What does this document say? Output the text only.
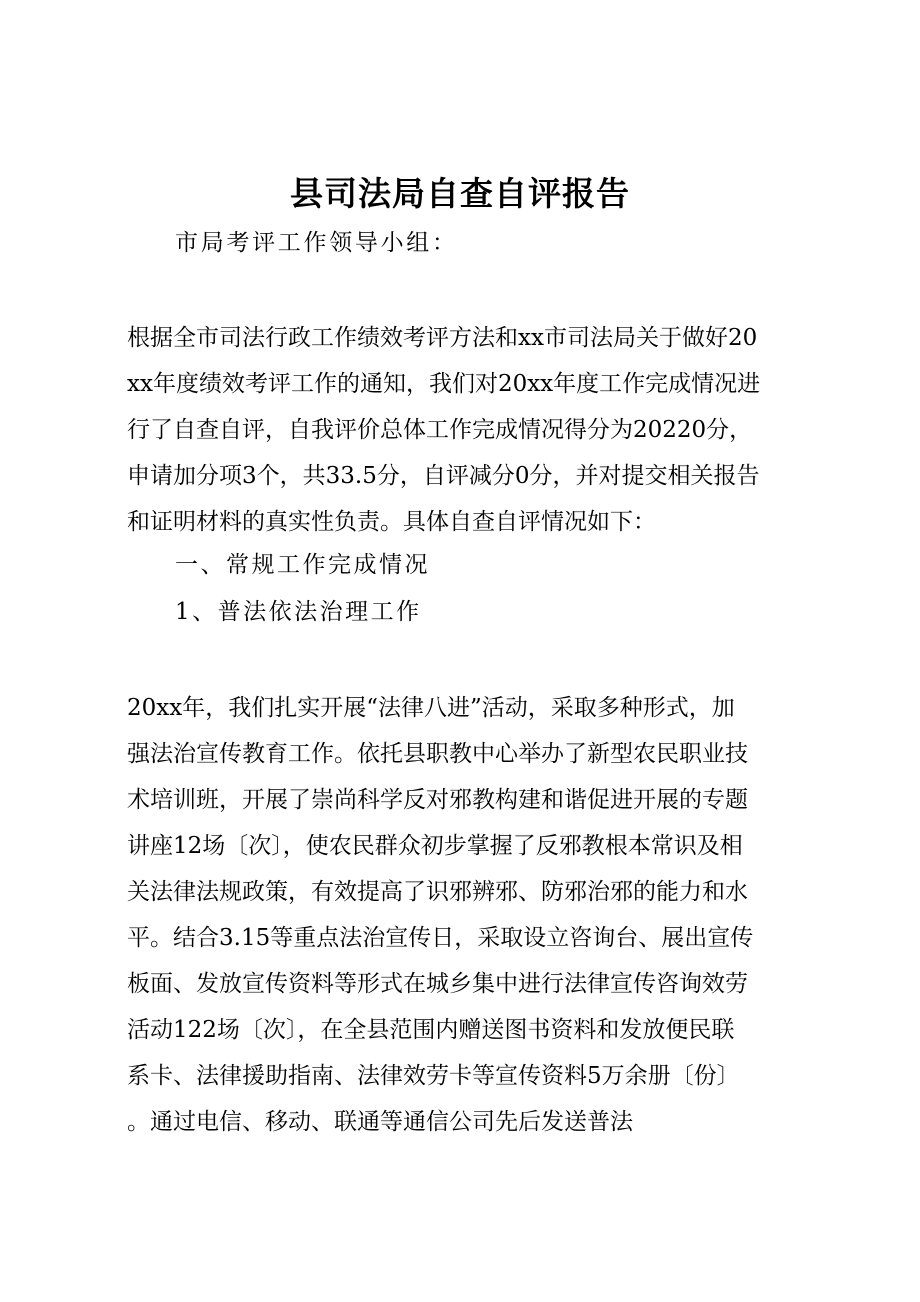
县司法局自查自评报告
市局考评工作领导小组：
根据全市司法行政工作绩效考评方法和xx市司法局关于做好20
xx年度绩效考评工作的通知，我们对20xx年度工作完成情况进
行了自查自评，自我评价总体工作完成情况得分为20220分，
申请加分项3个，共33.5分，自评减分0分，并对提交相关报告
和证明材料的真实性负责。具体自查自评情况如下：
一、常规工作完成情况
1、普法依法治理工作
20xx年，我们扎实开展“法律八进”活动，采取多种形式，加
强法治宣传教育工作。依托县职教中心举办了新型农民职业技
术培训班，开展了崇尚科学反对邪教构建和谐促进开展的专题
讲座12场〔次〕，使农民群众初步掌握了反邪教根本常识及相
关法律法规政策，有效提高了识邪辨邪、防邪治邪的能力和水
平。结合3.15等重点法治宣传日，采取设立咨询台、展出宣传
板面、发放宣传资料等形式在城乡集中进行法律宣传咨询效劳
活动122场〔次〕，在全县范围内赠送图书资料和发放便民联
系卡、法律援助指南、法律效劳卡等宣传资料5万余册〔份〕
。通过电信、移动、联通等通信公司先后发送普法
